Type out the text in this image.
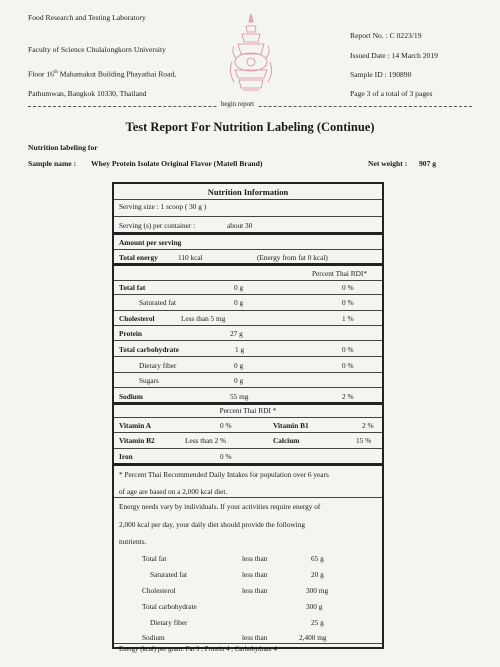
Food Research and Testing Laboratory
Faculty of Science Chulalongkorn University
Floor 16th Mahamakut Building Phayathai Road,
Pathumwan, Bangkok 10330, Thailand
Report No. : C 0223/19
Issued Date : 14 March 2019
Sample ID : 190890
Page 3 of a total of 3 pages
begin report
Test Report For Nutrition Labeling (Continue)
Nutrition labeling for
Sample name : Whey Protein Isolate Original Flavor (Matell Brand)	Net weight : 907 g
Nutrition Information
Serving size : 1 scoop ( 30 g )
Serving (s) per container :	about 30
Amount per serving
Total energy	110 kcal	(Energy from fat 0 kcal)
Percent Thai RDI*
Total fat	0 g	0 %
Saturated fat	0 g	0 %
Cholesterol	Less than 5 mg	1 %
Protein	27 g
Total carbohydrate	1 g	0 %
Dietary fiber	0 g	0 %
Sugars	0 g
Sodium	55 mg	2 %
Percent Thai RDI *
Vitamin A	0 %	Vitamin B1	2 %
Vitamin B2	Less than 2 %	Calcium	15 %
Iron	0 %
* Percent Thai Recommended Daily Intakes for population over 6 years
of age are based on a 2,000 kcal diet.
Energy needs vary by individuals. If your activities require energy of
2,000 kcal per day, your daily diet should provide the following
nutrients.
Total fat	less than	65 g
Saturated fat	less than	20 g
Cholesterol	less than	300 mg
Total carbohydrate	300 g
Dietary fiber	25 g
Sodium	less than	2,400 mg
Energy (kcal) per gram: Fat 9 ; Protein 4 ; Carbohydrate 4
